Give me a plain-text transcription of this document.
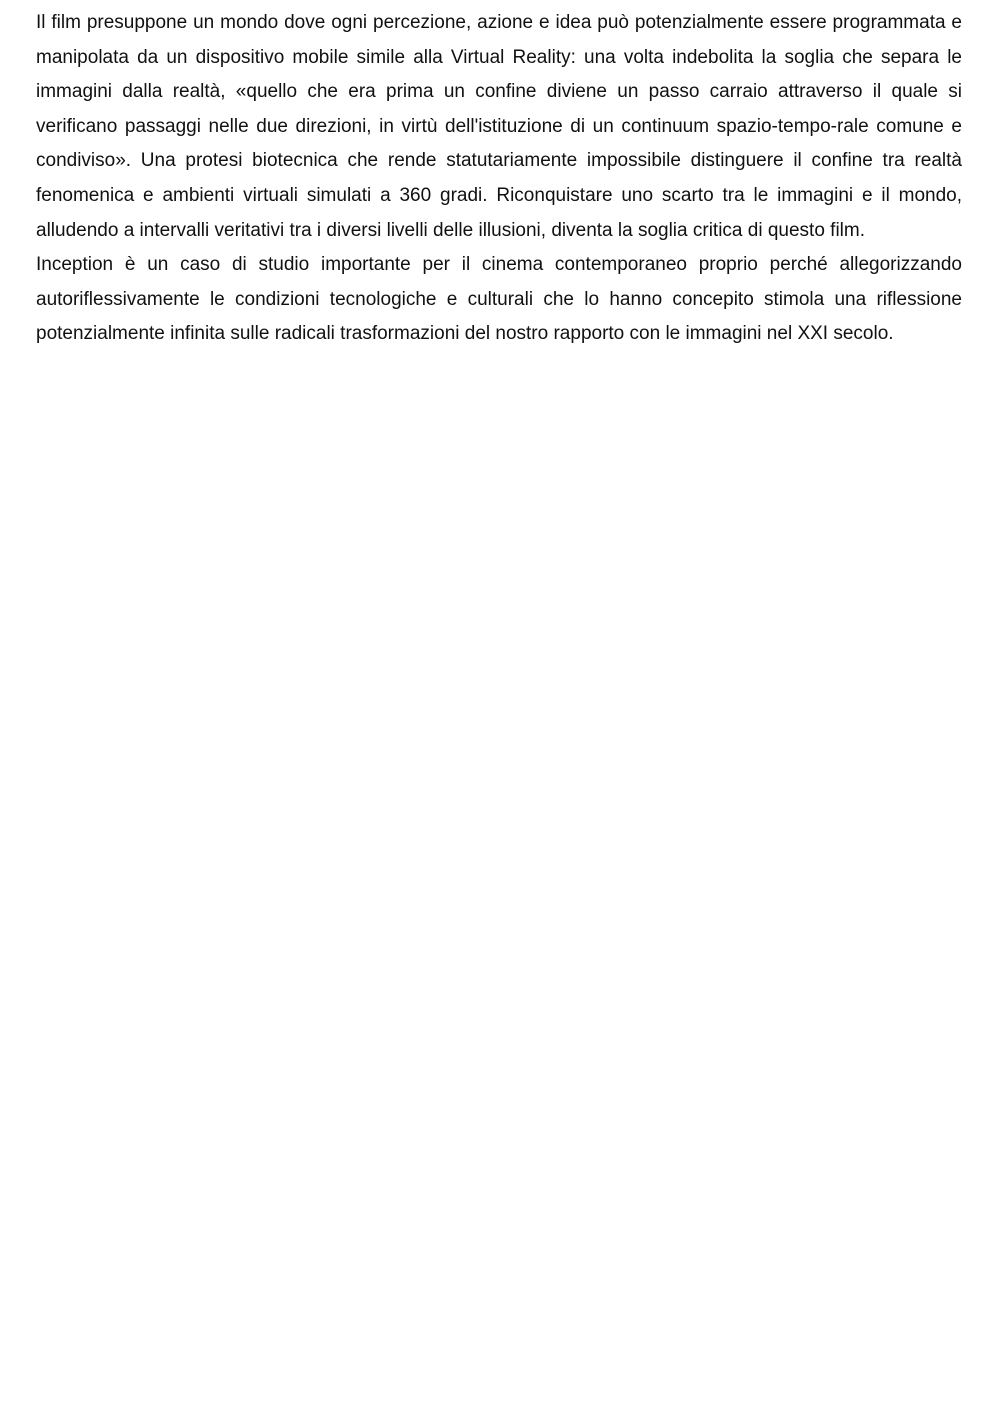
Il film presuppone un mondo dove ogni percezione, azione e idea può potenzialmente essere programmata e manipolata da un dispositivo mobile simile alla Virtual Reality: una volta indebolita la soglia che separa le immagini dalla realtà, «quello che era prima un confine diviene un passo carraio attraverso il quale si verificano passaggi nelle due direzioni, in virtù dell'istituzione di un continuum spazio-tempo-rale comune e condiviso». Una protesi biotecnica che rende statutariamente impossibile distinguere il confine tra realtà fenomenica e ambienti virtuali simulati a 360 gradi. Riconquistare uno scarto tra le immagini e il mondo, alludendo a intervalli veritativi tra i diversi livelli delle illusioni, diventa la soglia critica di questo film.

Inception è un caso di studio importante per il cinema contemporaneo proprio perché allegorizzando autoriflessivamente le condizioni tecnologiche e culturali che lo hanno concepito stimola una riflessione potenzialmente infinita sulle radicali trasformazioni del nostro rapporto con le immagini nel XXI secolo.
